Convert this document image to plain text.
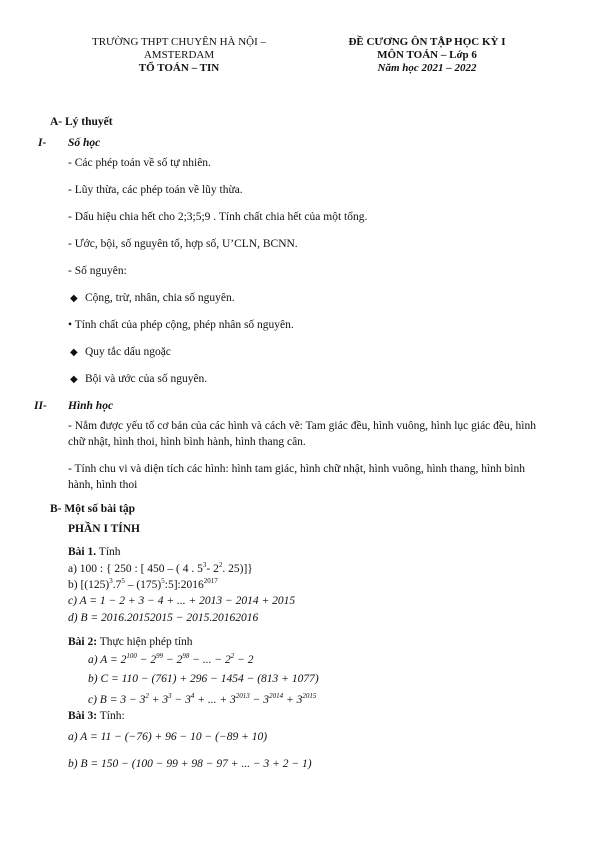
TRƯỜNG THPT CHUYÊN HÀ NỘI –
AMSTERDAM
TỔ TOÁN – TIN
ĐỀ CƯƠNG ÔN TẬP HỌC KỲ I
MÔN TOÁN – Lớp 6
Năm học 2021 – 2022
A- Lý thuyết
I- Số học
- Các phép toán về số tự nhiên.
- Lũy thừa, các phép toán về lũy thừa.
- Dấu hiệu chia hết cho 2;3;5;9 . Tính chất chia hết của một tổng.
- Ước, bội, số nguyên tố, hợp số, U’CLN, BCNN.
- Số nguyên:
◆ Cộng, trừ, nhân, chia số nguyên.
• Tính chất của phép cộng, phép nhân số nguyên.
◆ Quy tắc dấu ngoặc
◆ Bội và ước của số nguyên.
II- Hình học
- Nắm được yếu tố cơ bản của các hình và cách vẽ: Tam giác đều, hình vuông, hình lục giác đều, hình chữ nhật, hình thoi, hình bình hành, hình thang cân.
- Tính chu vi và diện tích các hình: hình tam giác, hình chữ nhật, hình vuông, hình thang, hình bình hành, hình thoi
B- Một số bài tập
PHẦN I TÍNH
Bài 1. Tính
a) 100 : { 250 : [ 450 – ( 4 . $5^3-$ $2^2$. 25)]}
b) [$(125)^3.7^5$ – $(175)^5:5]:2016^{2017}$
c) A = 1 − 2 + 3 − 4 + ... + 2013 − 2014 + 2015
d) B = 2016.20152015 − 2015.20162016
Bài 2: Thực hiện phép tính
a) $A = 2^{100} - 2^{99} - 2^{98}$ − ... − $2^2 - 2$
b) C = 110 − (761) + 296 − 1454 − (813 + 1077)
c) $B = 3 - 3^2 + 3^3 - 3^4$ + ... + $3^{2013} - 3^{2014} + 3^{2015}$
Bài 3: Tính:
a) A = 11 − (−76) + 96 − 10 − (−89 + 10)
b) B = 150 − (100 − 99 + 98 − 97 + ... − 3 + 2 − 1)
